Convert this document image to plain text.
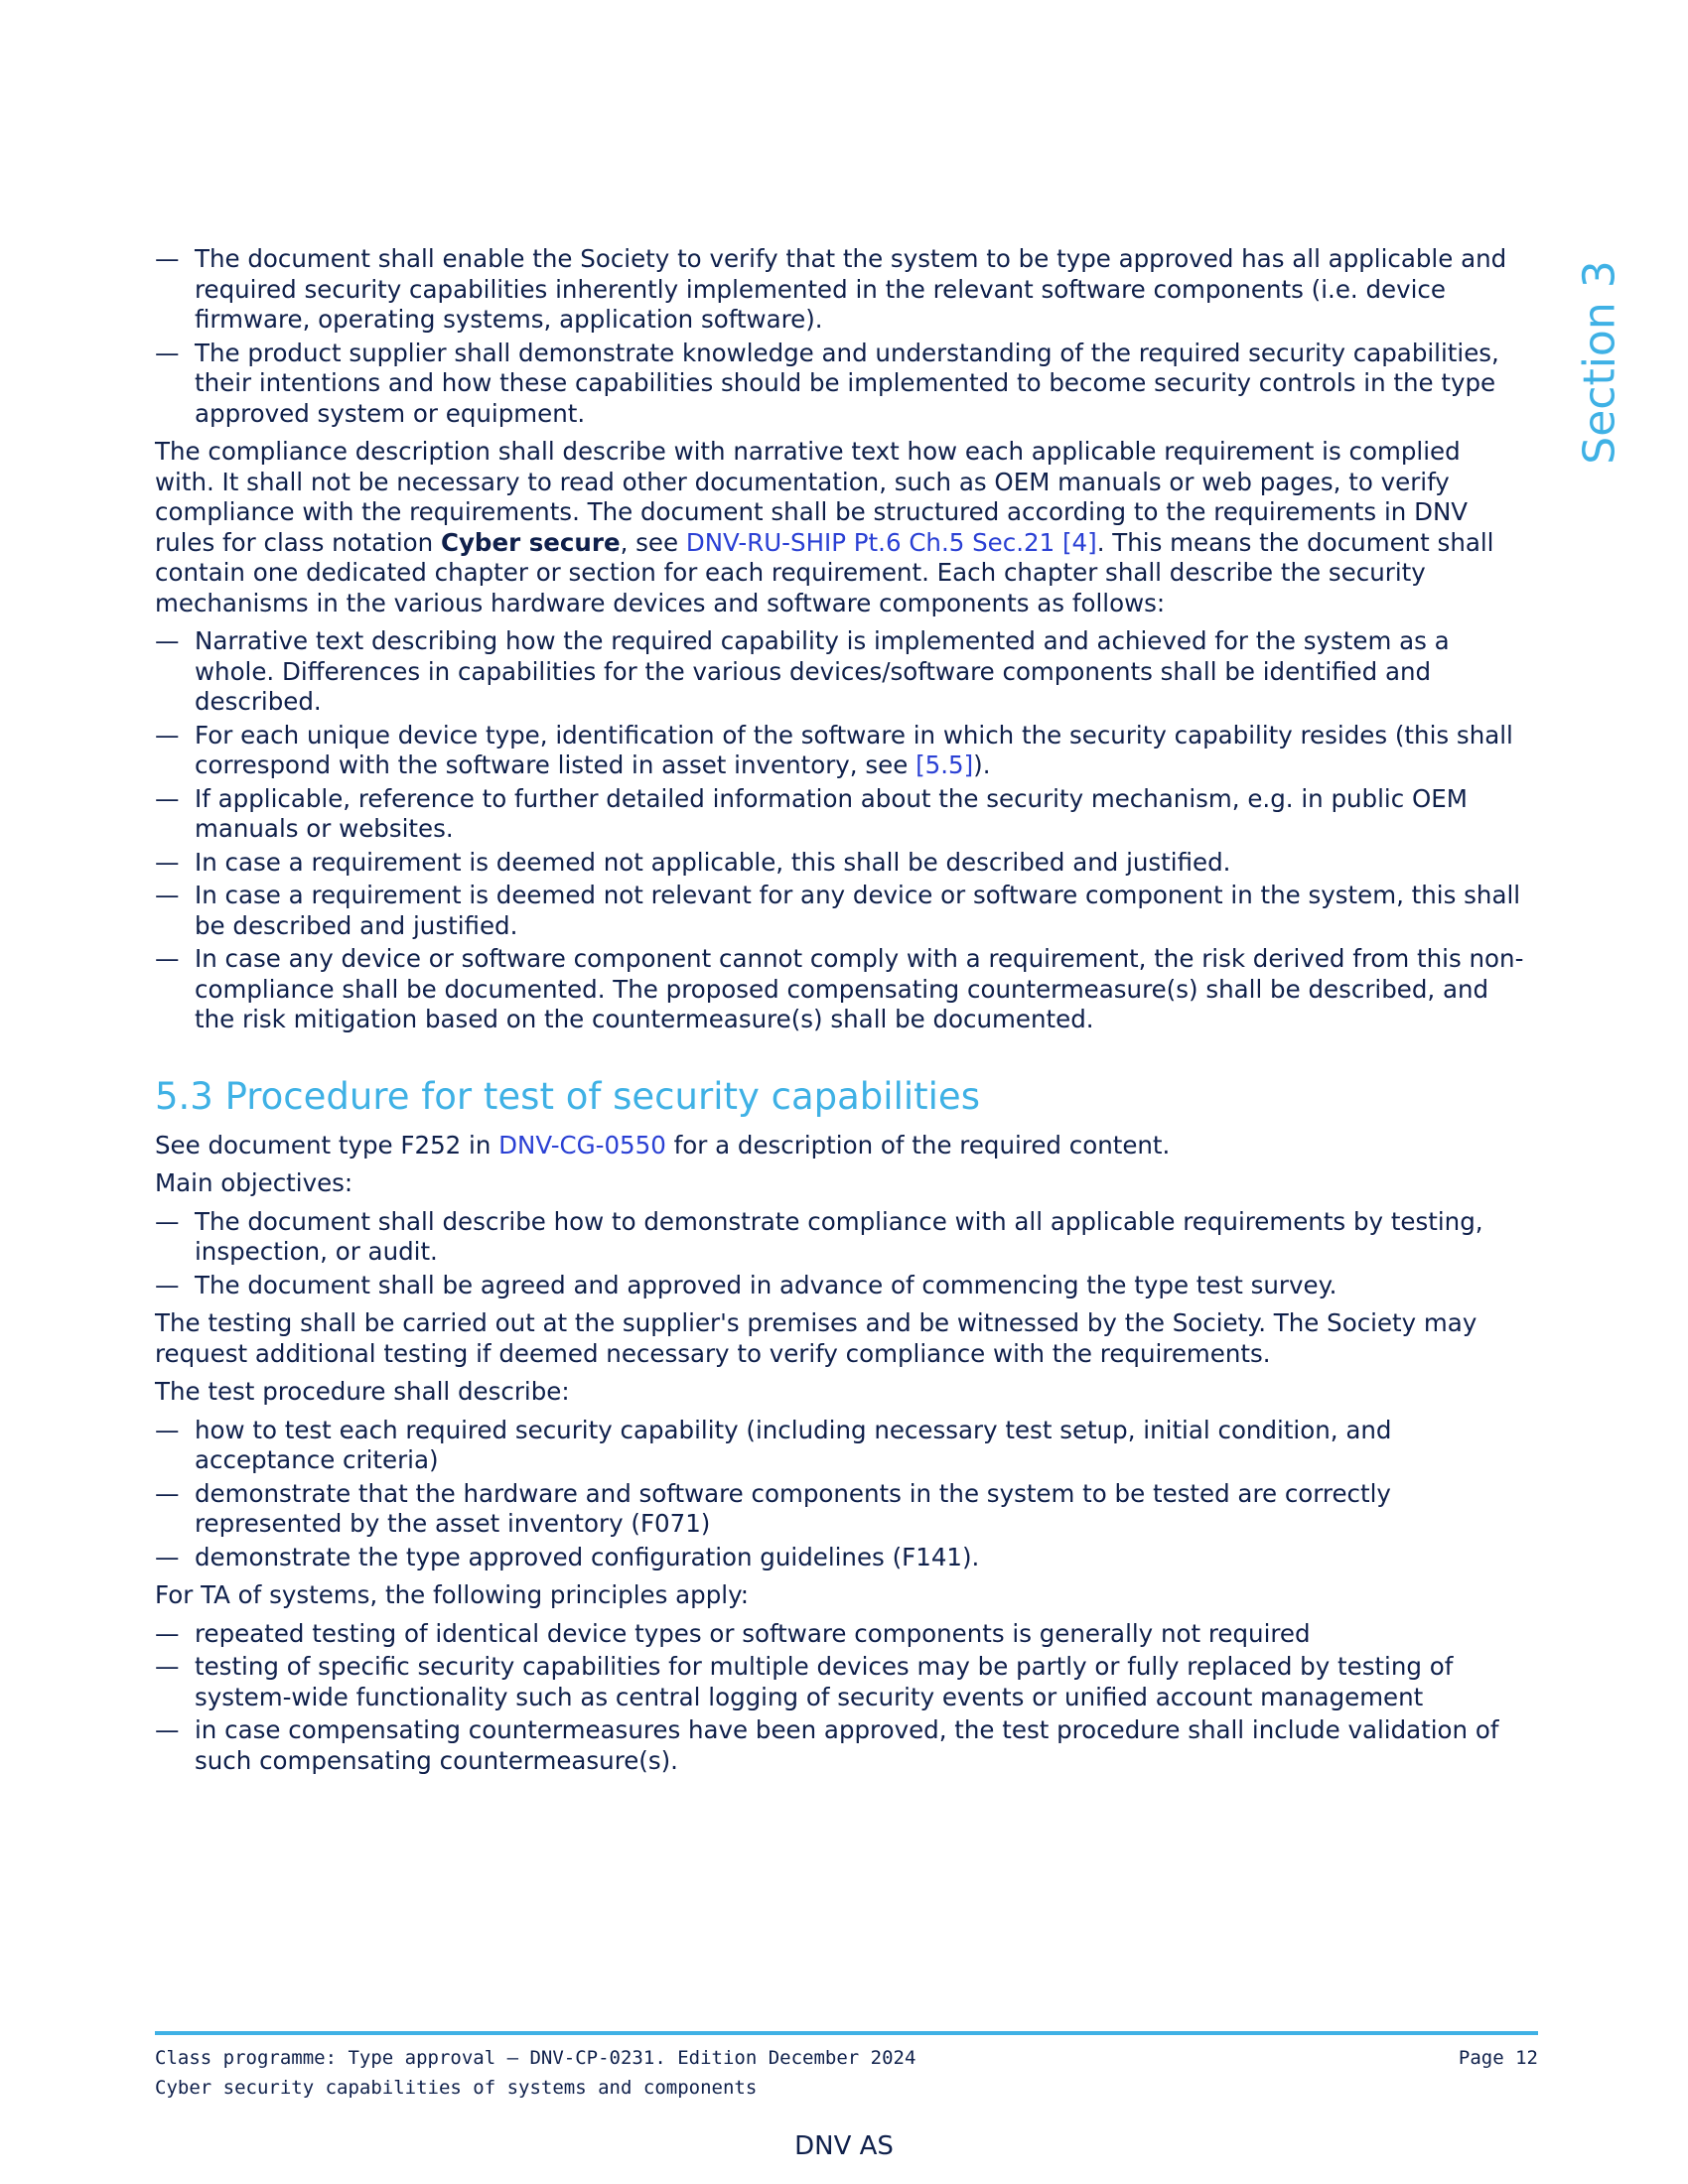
Section 3
— The document shall enable the Society to verify that the system to be type approved has all applicable and required security capabilities inherently implemented in the relevant software components (i.e. device firmware, operating systems, application software).
— The product supplier shall demonstrate knowledge and understanding of the required security capabilities, their intentions and how these capabilities should be implemented to become security controls in the type approved system or equipment.

The compliance description shall describe with narrative text how each applicable requirement is complied with. It shall not be necessary to read other documentation, such as OEM manuals or web pages, to verify compliance with the requirements. The document shall be structured according to the requirements in DNV rules for class notation Cyber secure, see DNV-RU-SHIP Pt.6 Ch.5 Sec.21 [4]. This means the document shall contain one dedicated chapter or section for each requirement. Each chapter shall describe the security mechanisms in the various hardware devices and software components as follows:

— Narrative text describing how the required capability is implemented and achieved for the system as a whole. Differences in capabilities for the various devices/software components shall be identified and described.
— For each unique device type, identification of the software in which the security capability resides (this shall correspond with the software listed in asset inventory, see [5.5]).
— If applicable, reference to further detailed information about the security mechanism, e.g. in public OEM manuals or websites.
— In case a requirement is deemed not applicable, this shall be described and justified.
— In case a requirement is deemed not relevant for any device or software component in the system, this shall be described and justified.
— In case any device or software component cannot comply with a requirement, the risk derived from this non-compliance shall be documented. The proposed compensating countermeasure(s) shall be described, and the risk mitigation based on the countermeasure(s) shall be documented.
5.3 Procedure for test of security capabilities

See document type F252 in DNV-CG-0550 for a description of the required content.

Main objectives:

— The document shall describe how to demonstrate compliance with all applicable requirements by testing, inspection, or audit.
— The document shall be agreed and approved in advance of commencing the type test survey.

The testing shall be carried out at the supplier's premises and be witnessed by the Society. The Society may request additional testing if deemed necessary to verify compliance with the requirements.

The test procedure shall describe:

— how to test each required security capability (including necessary test setup, initial condition, and acceptance criteria)
— demonstrate that the hardware and software components in the system to be tested are correctly represented by the asset inventory (F071)
— demonstrate the type approved configuration guidelines (F141).

For TA of systems, the following principles apply:

— repeated testing of identical device types or software components is generally not required
— testing of specific security capabilities for multiple devices may be partly or fully replaced by testing of system-wide functionality such as central logging of security events or unified account management
— in case compensating countermeasures have been approved, the test procedure shall include validation of such compensating countermeasure(s).
Class programme: Type approval — DNV-CP-0231. Edition December 2024	Page 12
Cyber security capabilities of systems and components
DNV AS
